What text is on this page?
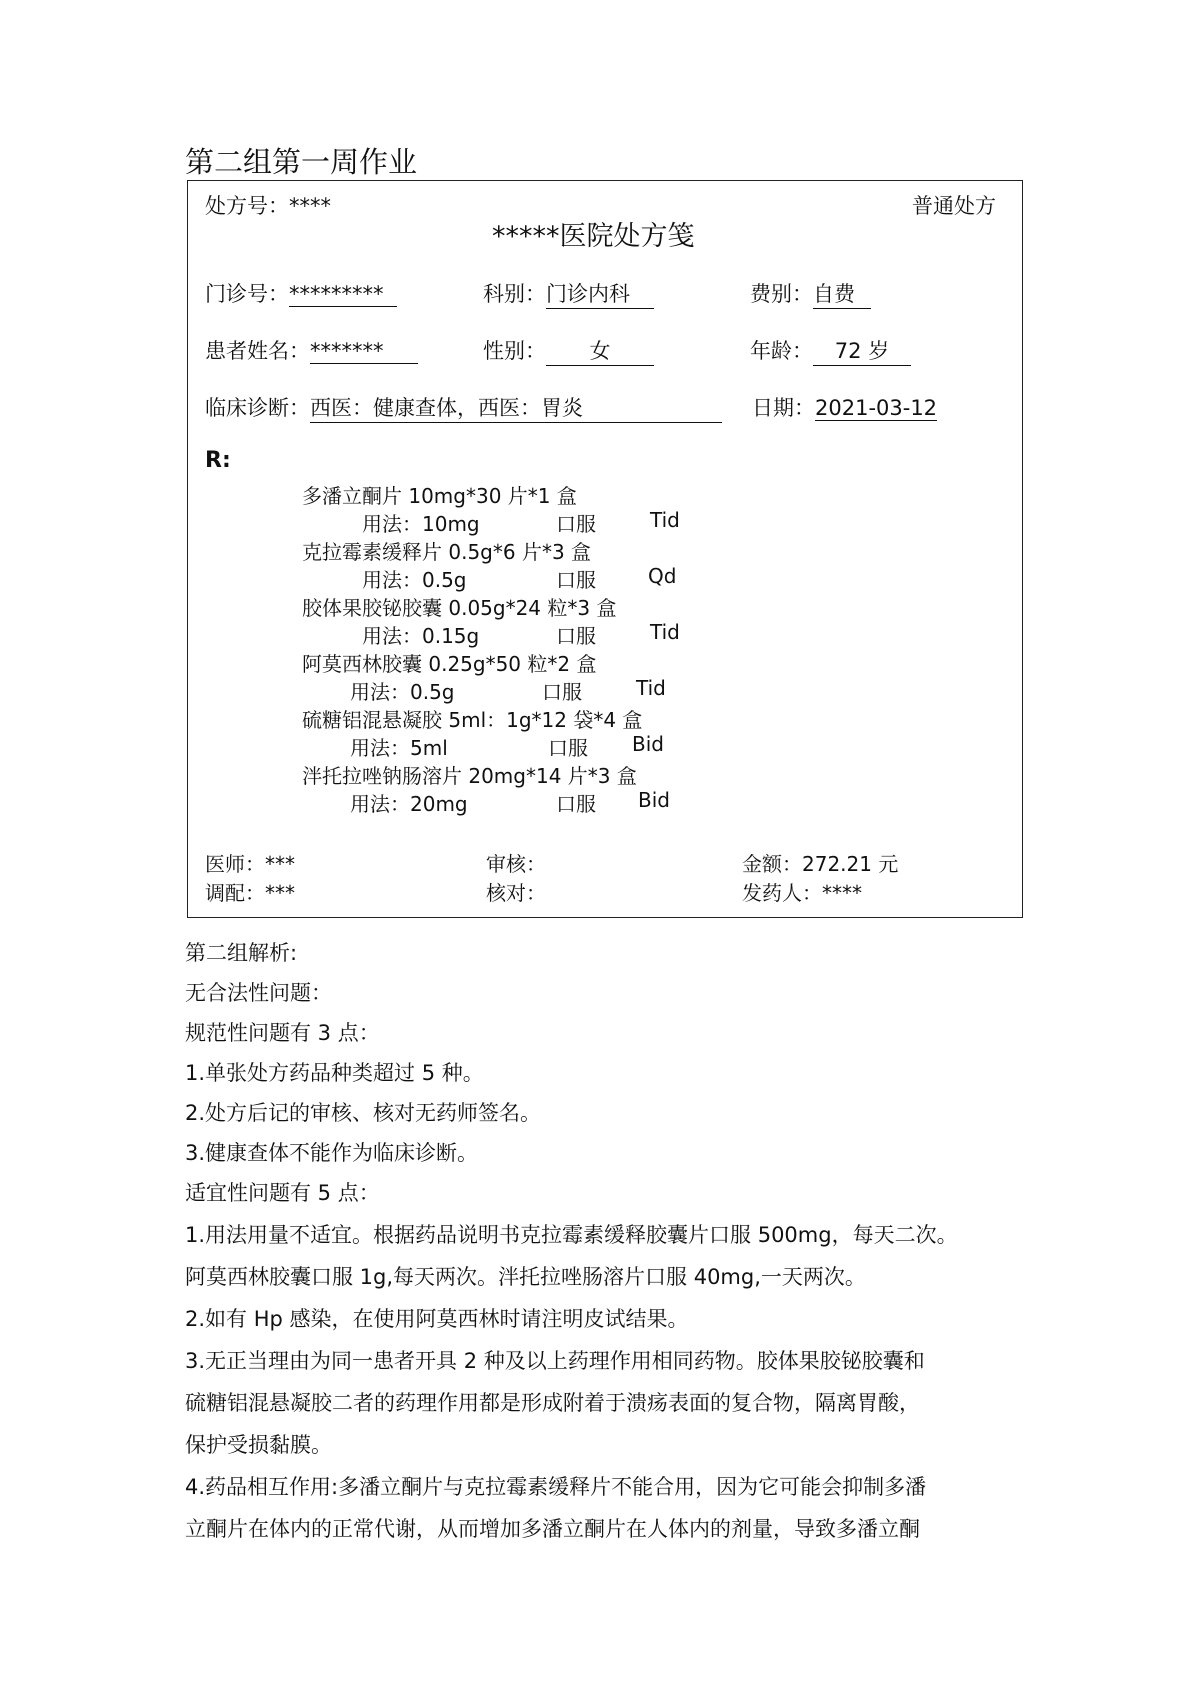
第二组第一周作业
处方号：****	普通处方
*****医院处方笺
门诊号：*********	科别：门诊内科	费别：自费
患者姓名：*******	性别： 女	年龄： 72 岁
临床诊断：西医：健康查体，西医：胃炎	日期：2021-03-12
R:
多潘立酮片 10mg*30 片*1 盒
用法：10mg	口服	Tid
克拉霉素缓释片 0.5g*6 片*3 盒
用法：0.5g	口服	Qd
胶体果胶铋胶囊 0.05g*24 粒*3 盒
用法：0.15g	口服	Tid
阿莫西林胶囊 0.25g*50 粒*2 盒
用法：0.5g	口服	Tid
硫糖铝混悬凝胶 5ml：1g*12 袋*4 盒
用法：5ml	口服 Bid
泮托拉唑钠肠溶片 20mg*14 片*3 盒
用法：20mg	口服 Bid
医师：***	审核：	金额：272.21 元
调配：***	核对：	发药人：****
第二组解析:
无合法性问题：
规范性问题有 3 点：
1.单张处方药品种类超过 5 种。
2.处方后记的审核、核对无药师签名。
3.健康查体不能作为临床诊断。
适宜性问题有 5 点：
1.用法用量不适宜。根据药品说明书克拉霉素缓释胶囊片口服 500mg，每天二次。
阿莫西林胶囊口服 1g,每天两次。泮托拉唑肠溶片口服 40mg,一天两次。
2.如有 Hp 感染，在使用阿莫西林时请注明皮试结果。
3.无正当理由为同一患者开具 2 种及以上药理作用相同药物。胶体果胶铋胶囊和
硫糖铝混悬凝胶二者的药理作用都是形成附着于溃疡表面的复合物，隔离胃酸，
保护受损黏膜。
4.药品相互作用:多潘立酮片与克拉霉素缓释片不能合用，因为它可能会抑制多潘
立酮片在体内的正常代谢，从而增加多潘立酮片在人体内的剂量，导致多潘立酮
